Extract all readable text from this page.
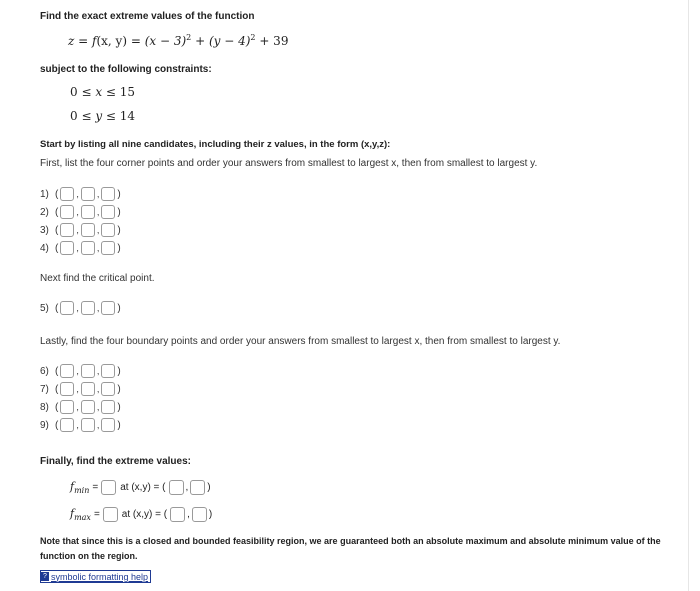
Find the exact extreme values of the function
z = f(x, $y) = (x - 3)^2 + (y - 4)^2 + 39$
subject to the following constraints:
0 ≤ x ≤ 15
0 ≤ y ≤ 14
Start by listing all nine candidates, including their z values, in the form (x,y,z):
First, list the four corner points and order your answers from smallest to largest x, then from smallest to largest y.
Next find the critical point.
Lastly, find the four boundary points and order your answers from smallest to largest x, then from smallest to largest y.
Finally, find the extreme values:
$f_{min}$ = at (x,y) = ( , )
$f_{max}$ = at (x,y) = ( , )
Note that since this is a closed and bounded feasibility region, we are guaranteed both an absolute maximum and absolute minimum value of the function on the region.
? symbolic formatting help
1) ( , , )
2) ( , , )
3) ( , , )
4) ( , , )
5) ( , , )
6) ( , , )
7) ( , , )
8) ( , , )
9) ( , , )
